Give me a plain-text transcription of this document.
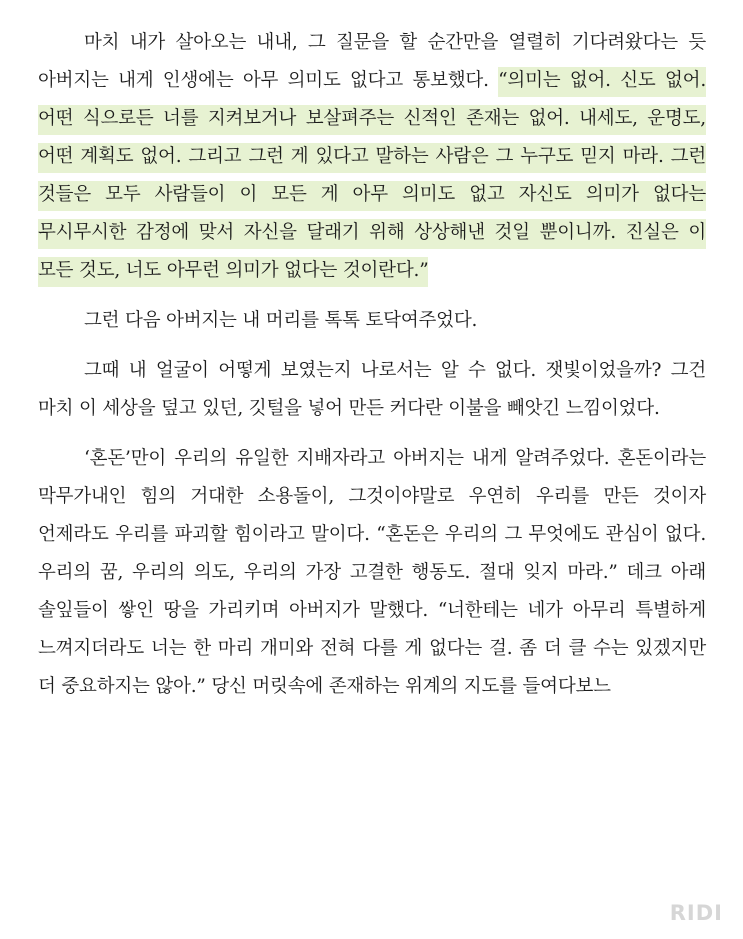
마치 내가 살아오는 내내, 그 질문을 할 순간만을 열렬히 기다려왔다는 듯 아버지는 내게 인생에는 아무 의미도 없다고 통보했다. “의미는 없어. 신도 없어. 어떤 식으로든 너를 지켜보거나 보살펴주는 신적인 존재는 없어. 내세도, 운명도, 어떤 계획도 없어. 그리고 그런 게 있다고 말하는 사람은 그 누구도 믿지 마라. 그런 것들은 모두 사람들이 이 모든 게 아무 의미도 없고 자신도 의미가 없다는 무시무시한 감정에 맞서 자신을 달래기 위해 상상해낸 것일 뿐이니까. 진실은 이 모든 것도, 너도 아무런 의미가 없다는 것이란다.”

그런 다음 아버지는 내 머리를 톡톡 토닥여주었다.

그때 내 얼굴이 어떻게 보였는지 나로서는 알 수 없다. 잿빛이었을까? 그건 마치 이 세상을 덮고 있던, 깃털을 넣어 만든 커다란 이불을 빼앗긴 느낌이었다.

‘혼돈’만이 우리의 유일한 지배자라고 아버지는 내게 알려주었다. 혼돈이라는 막무가내인 힘의 거대한 소용돌이, 그것이야말로 우연히 우리를 만든 것이자 언제라도 우리를 파괴할 힘이라고 말이다. “혼돈은 우리의 그 무엇에도 관심이 없다. 우리의 꿈, 우리의 의도, 우리의 가장 고결한 행동도. 절대 잊지 마라.” 데크 아래 솔잎들이 쌓인 땅을 가리키며 아버지가 말했다. “너한테는 네가 아무리 특별하게 느껴지더라도 너는 한 마리 개미와 전혀 다를 게 없다는 걸. 좀 더 클 수는 있겠지만 더 중요하지는 않아.” 당신 머릿속에 존재하는 위계의 지도를 들여다보느

RIDI
